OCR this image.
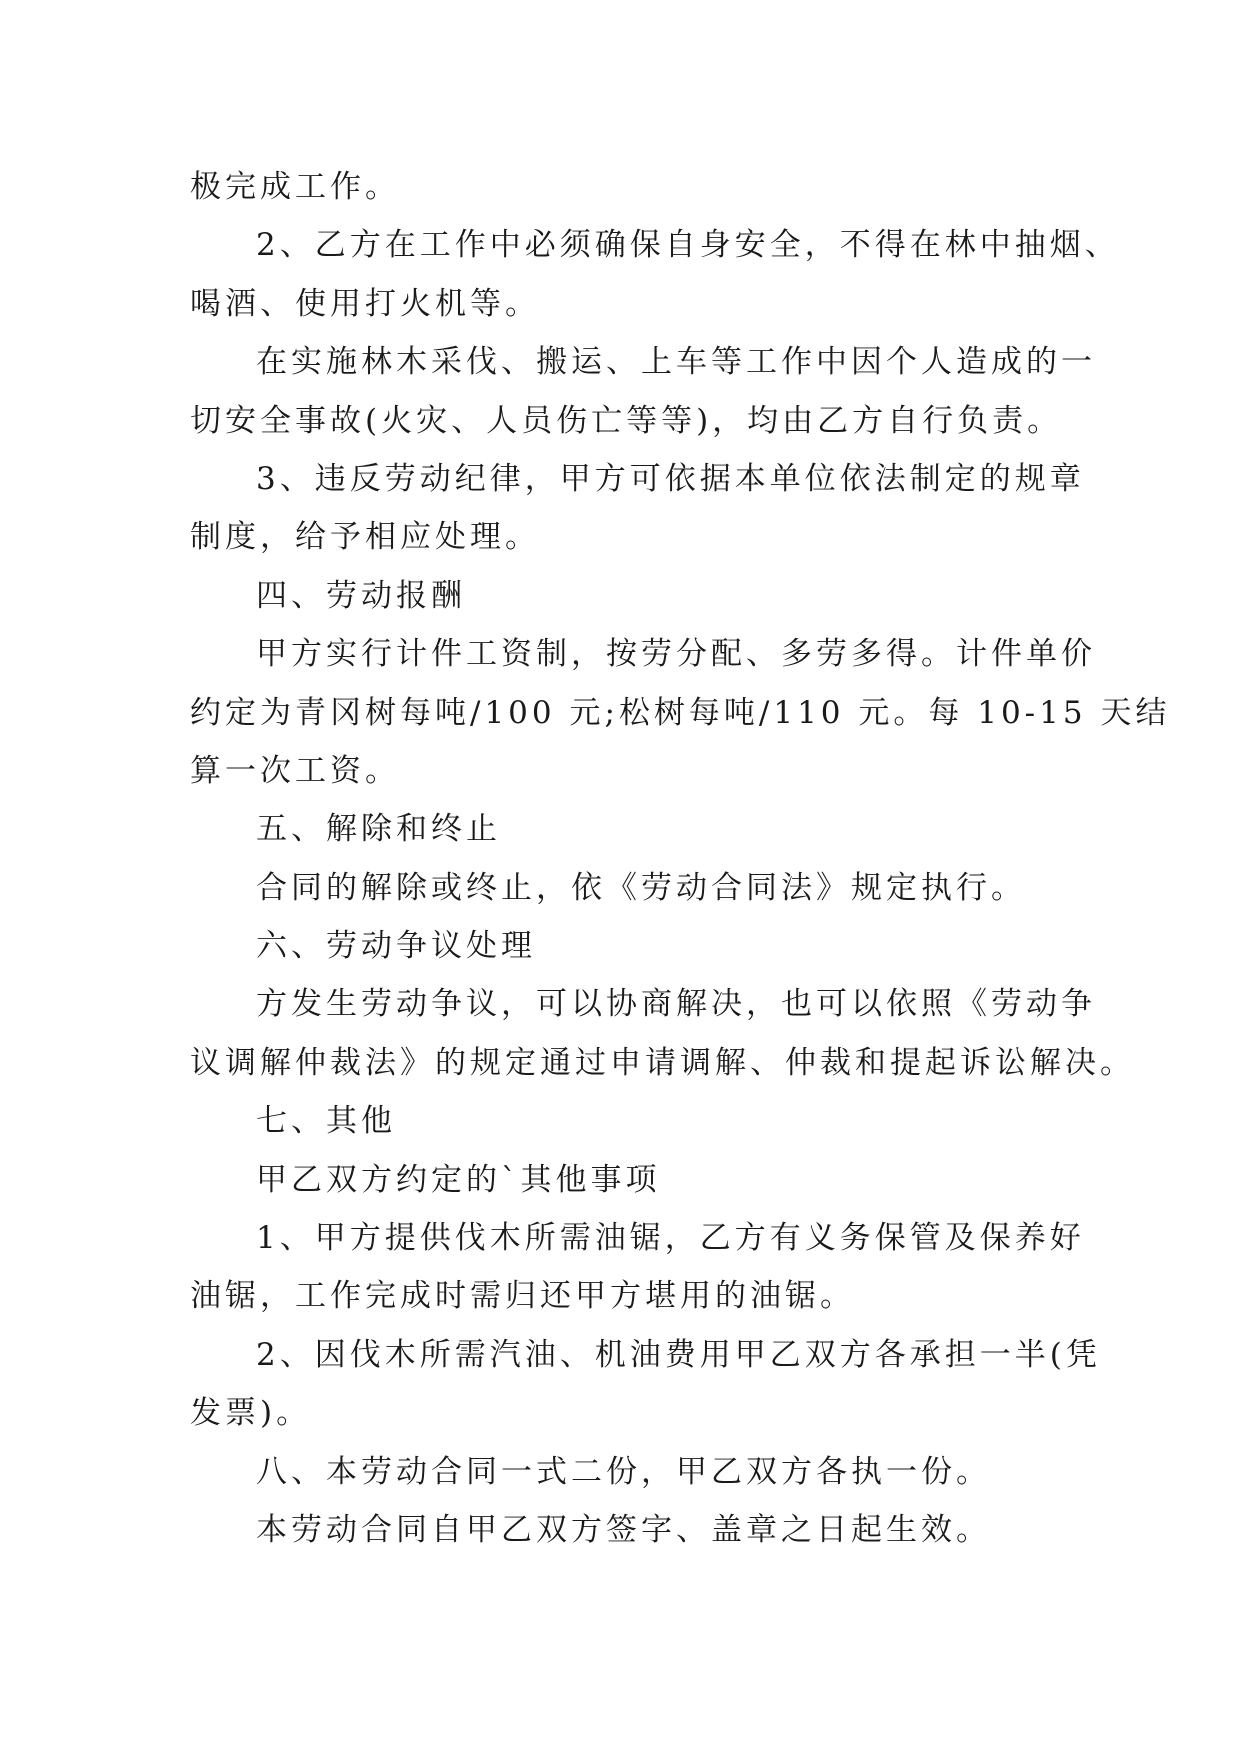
极完成工作。
2、乙方在工作中必须确保自身安全，不得在林中抽烟、
喝酒、使用打火机等。
在实施林木采伐、搬运、上车等工作中因个人造成的一
切安全事故(火灾、人员伤亡等等)，均由乙方自行负责。
3、违反劳动纪律，甲方可依据本单位依法制定的规章
制度，给予相应处理。
四、劳动报酬
甲方实行计件工资制，按劳分配、多劳多得。计件单价
约定为青冈树每吨/100 元;松树每吨/110 元。每 10-15 天结
算一次工资。
五、解除和终止
合同的解除或终止，依《劳动合同法》规定执行。
六、劳动争议处理
方发生劳动争议，可以协商解决，也可以依照《劳动争
议调解仲裁法》的规定通过申请调解、仲裁和提起诉讼解决。
七、其他
甲乙双方约定的`其他事项
1、甲方提供伐木所需油锯，乙方有义务保管及保养好
油锯，工作完成时需归还甲方堪用的油锯。
2、因伐木所需汽油、机油费用甲乙双方各承担一半(凭
发票)。
八、本劳动合同一式二份，甲乙双方各执一份。
本劳动合同自甲乙双方签字、盖章之日起生效。
